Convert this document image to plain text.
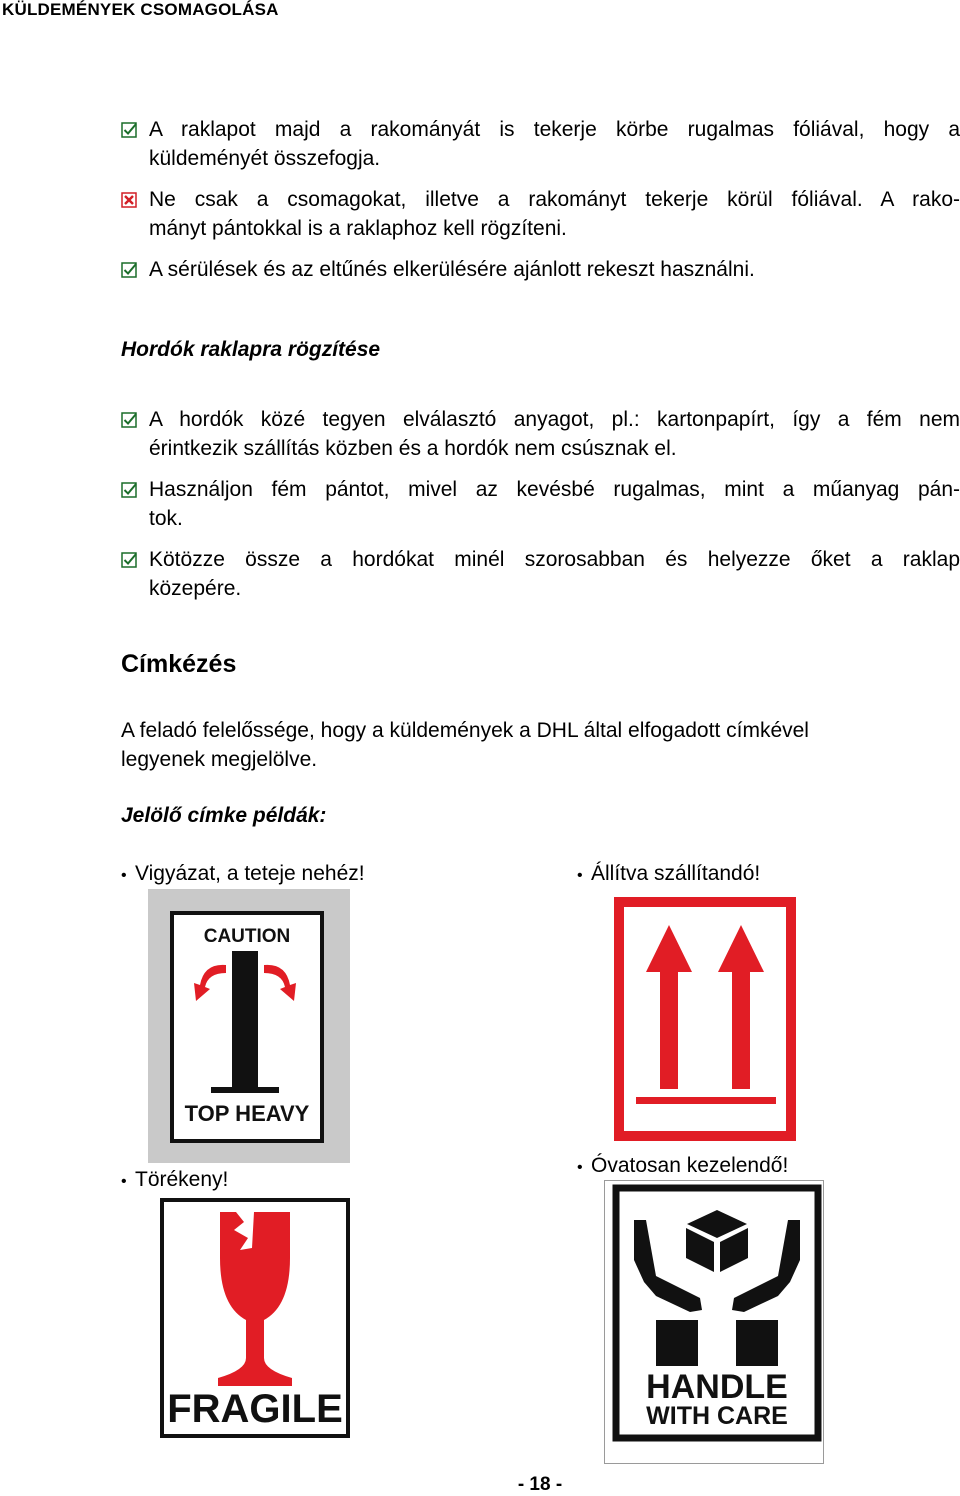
KÜLDEMÉNYEK CSOMAGOLÁSA
A raklapot majd a rakományát is tekerje körbe rugalmas fóliával, hogy a
küldeményét összefogja.
Ne csak a csomagokat, illetve a rakományt tekerje körül fóliával. A rako-
mányt pántokkal is a raklaphoz kell rögzíteni.
A sérülések és az eltűnés elkerülésére ajánlott rekeszt használni.
Hordók raklapra rögzítése
A hordók közé tegyen elválasztó anyagot, pl.: kartonpapírt, így a fém nem
érintkezik szállítás közben és a hordók nem csúsznak el.
Használjon fém pántot, mivel az kevésbé rugalmas, mint a műanyag pán-
tok.
Kötözze össze a hordókat minél szorosabban és helyezze őket a raklap
közepére.
Címkézés
A feladó felelőssége, hogy a küldemények a DHL által elfogadott címkével
legyenek megjelölve.
Jelölő címke példák:
• Vigyázat, a teteje nehéz!
CAUTION
TOP HEAVY
• Állítva szállítandó!
• Törékeny!
FRAGILE
• Óvatosan kezelendő!
HANDLE
WITH CARE
- 18 -
